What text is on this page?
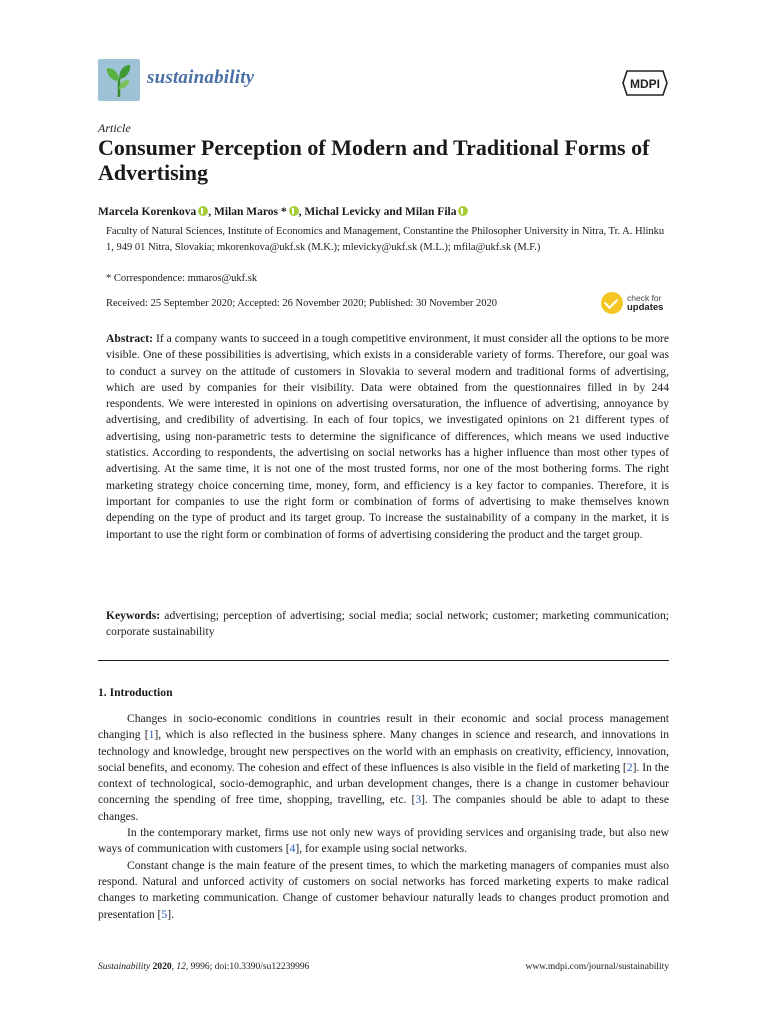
sustainability	MDPI
Article
Consumer Perception of Modern and Traditional Forms of Advertising
Marcela Korenkova , Milan Maros * , Michal Levicky and Milan Fila
Faculty of Natural Sciences, Institute of Economics and Management, Constantine the Philosopher University in Nitra, Tr. A. Hlinku 1, 949 01 Nitra, Slovakia; mkorenkova@ukf.sk (M.K.); mlevicky@ukf.sk (M.L.); mfila@ukf.sk (M.F.)
* Correspondence: mmaros@ukf.sk
Received: 25 September 2020; Accepted: 26 November 2020; Published: 30 November 2020	check for
updates
Abstract: If a company wants to succeed in a tough competitive environment, it must consider all the options to be more visible. One of these possibilities is advertising, which exists in a considerable variety of forms. Therefore, our goal was to conduct a survey on the attitude of customers in Slovakia to several modern and traditional forms of advertising, which are used by companies for their visibility. Data were obtained from the questionnaires filled in by 244 respondents. We were interested in opinions on advertising oversaturation, the influence of advertising, annoyance by advertising, and credibility of advertising. In each of four topics, we investigated opinions on 21 different types of advertising, using non-parametric tests to determine the significance of differences, which means we used inductive statistics. According to respondents, the advertising on social networks has a higher influence than most other types of advertising. At the same time, it is not one of the most trusted forms, nor one of the most bothering forms. The right marketing strategy choice concerning time, money, form, and efficiency is a key factor to companies. Therefore, it is important for companies to use the right form or combination of forms of advertising to make themselves known depending on the type of product and its target group. To increase the sustainability of a company in the market, it is important to use the right form or combination of forms of advertising considering the product and the target group.
Keywords: advertising; perception of advertising; social media; social network; customer; marketing communication; corporate sustainability
1. Introduction

Changes in socio-economic conditions in countries result in their economic and social process management changing [1], which is also reflected in the business sphere. Many changes in science and research, and innovations in technology and knowledge, brought new perspectives on the world with an emphasis on creativity, efficiency, innovation, social benefits, and economy. The cohesion and effect of these influences is also visible in the field of marketing [2]. In the context of technological, socio-demographic, and urban development changes, there is a change in customer behaviour concerning the spending of free time, shopping, travelling, etc. [3]. The companies should be able to adapt to these changes.

In the contemporary market, firms use not only new ways of providing services and organising trade, but also new ways of communication with customers [4], for example using social networks.

Constant change is the main feature of the present times, to which the marketing managers of companies must also respond. Natural and unforced activity of customers on social networks has forced marketing experts to make radical changes to marketing communication. Change of customer behaviour naturally leads to changes product promotion and presentation [5].

Sustainability 2020, 12, 9996; doi:10.3390/su12239996	www.mdpi.com/journal/sustainability
